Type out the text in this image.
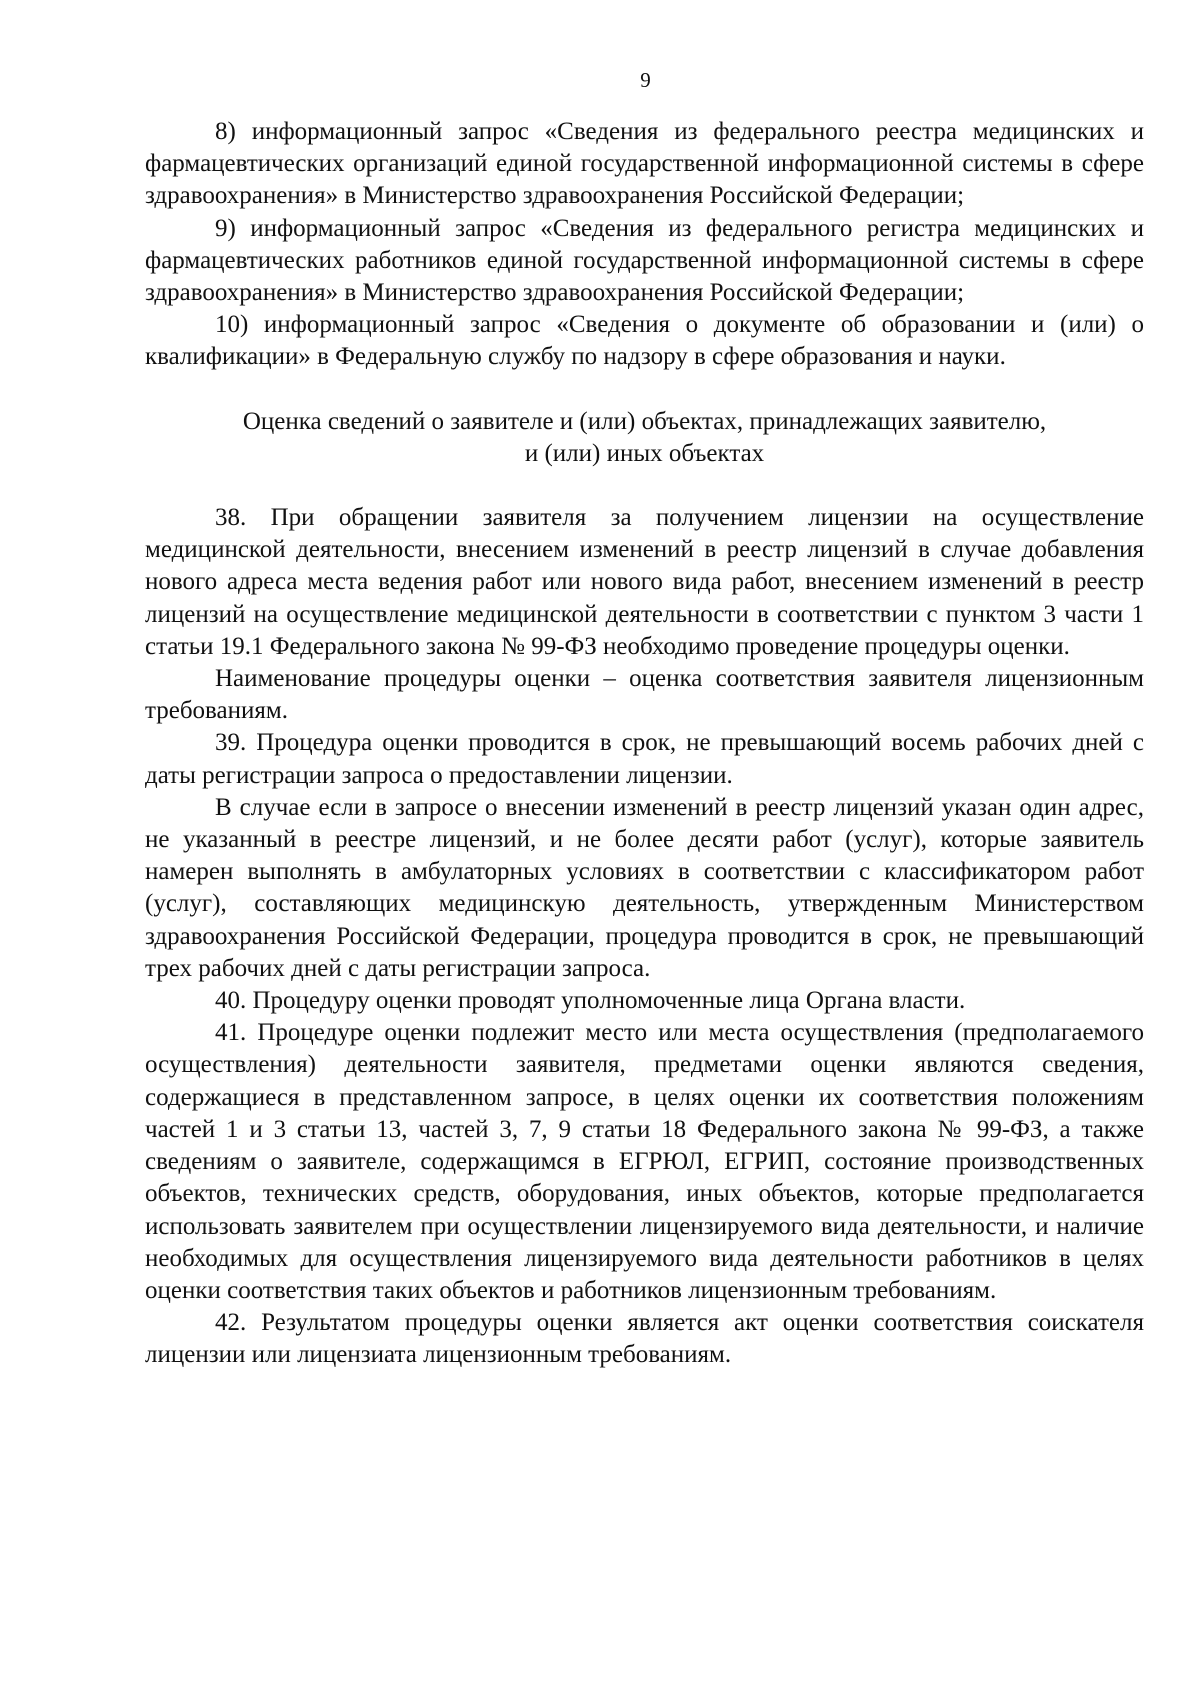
9

8) информационный запрос «Сведения из федерального реестра медицинских и фармацевтических организаций единой государственной информационной системы в сфере здравоохранения» в Министерство здравоохранения Российской Федерации;

9) информационный запрос «Сведения из федерального регистра медицинских и фармацевтических работников единой государственной информационной системы в сфере здравоохранения» в Министерство здравоохранения Российской Федерации;

10) информационный запрос «Сведения о документе об образовании и (или) о квалификации» в Федеральную службу по надзору в сфере образования и науки.

Оценка сведений о заявителе и (или) объектах, принадлежащих заявителю,
и (или) иных объектах

38. При обращении заявителя за получением лицензии на осуществление медицинской деятельности, внесением изменений в реестр лицензий в случае добавления нового адреса места ведения работ или нового вида работ, внесением изменений в реестр лицензий на осуществление медицинской деятельности в соответствии с пунктом 3 части 1 статьи 19.1 Федерального закона № 99-ФЗ необходимо проведение процедуры оценки.

Наименование процедуры оценки – оценка соответствия заявителя лицензионным требованиям.

39. Процедура оценки проводится в срок, не превышающий восемь рабочих дней с даты регистрации запроса о предоставлении лицензии.

В случае если в запросе о внесении изменений в реестр лицензий указан один адрес, не указанный в реестре лицензий, и не более десяти работ (услуг), которые заявитель намерен выполнять в амбулаторных условиях в соответствии с классификатором работ (услуг), составляющих медицинскую деятельность, утвержденным Министерством здравоохранения Российской Федерации, процедура проводится в срок, не превышающий трех рабочих дней с даты регистрации запроса.

40. Процедуру оценки проводят уполномоченные лица Органа власти.

41. Процедуре оценки подлежит место или места осуществления (предполагаемого осуществления) деятельности заявителя, предметами оценки являются сведения, содержащиеся в представленном запросе, в целях оценки их соответствия положениям частей 1 и 3 статьи 13, частей 3, 7, 9 статьи 18 Федерального закона № 99-ФЗ, а также сведениям о заявителе, содержащимся в ЕГРЮЛ, ЕГРИП, состояние производственных объектов, технических средств, оборудования, иных объектов, которые предполагается использовать заявителем при осуществлении лицензируемого вида деятельности, и наличие необходимых для осуществления лицензируемого вида деятельности работников в целях оценки соответствия таких объектов и работников лицензионным требованиям.

42. Результатом процедуры оценки является акт оценки соответствия соискателя лицензии или лицензиата лицензионным требованиям.
